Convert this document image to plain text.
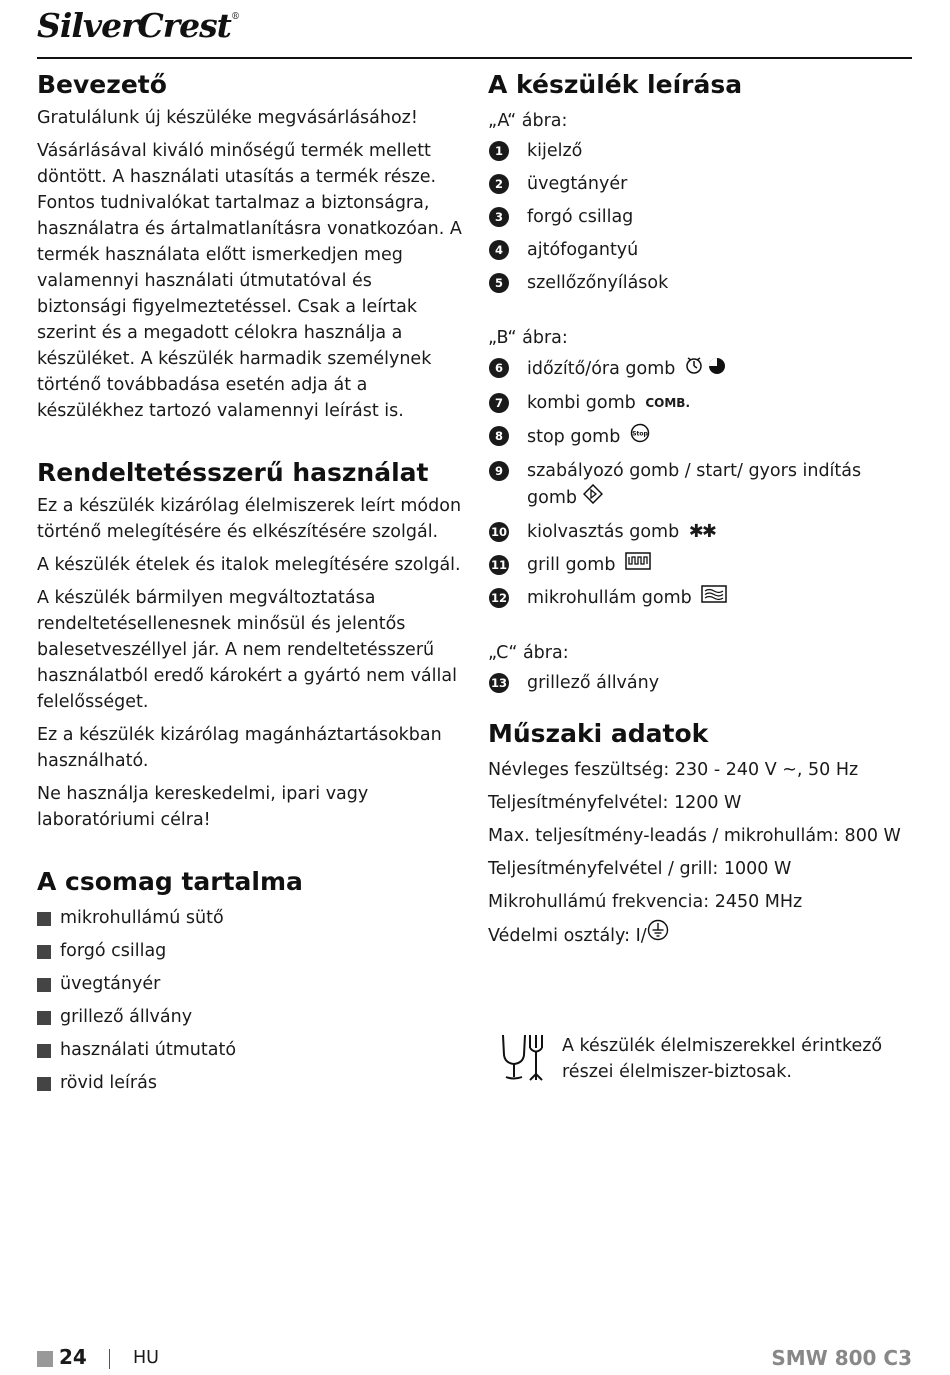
SilverCrest®
Bevezető

Gratulálunk új készüléke megvásárlásához!

Vásárlásával kiváló minőségű termék mellett döntött. A használati utasítás a termék része. Fontos tudnivalókat tartalmaz a biztonságra, használatra és ártalmatlanításra vonatkozóan. A termék használata előtt ismerkedjen meg valamennyi használati útmutatóval és biztonsági figyelmeztetéssel. Csak a leírtak szerint és a megadott célokra használja a készüléket. A készülék harmadik személynek történő továbbadása esetén adja át a készülékhez tartozó valamennyi leírást is.

Rendeltetésszerű használat

Ez a készülék kizárólag élelmiszerek leírt módon történő melegítésére és elkészítésére szolgál.

A készülék ételek és italok melegítésére szolgál.

A készülék bármilyen megváltoztatása rendeltetésellenesnek minősül és jelentős balesetveszéllyel jár. A nem rendeltetésszerű használatból eredő károkért a gyártó nem vállal felelősséget.

Ez a készülék kizárólag magánháztartásokban használható.

Ne használja kereskedelmi, ipari vagy laboratóriumi célra!

A csomag tartalma
mikrohullámú sütő
forgó csillag
üvegtányér
grillező állvány
használati útmutató
rövid leírás
A készülék leírása

„A“ ábra:

1	kijelző
2	üvegtányér
3	forgó csillag
4	ajtófogantyú
5	szellőzőnyílások

„B“ ábra:

6	időzítő/óra gomb
7	kombi gomb COMB.
8	stop gomb Stop
9	szabályozó gomb / start/ gyors indítás gomb
10 kiolvasztás gomb ✱✱
11 grill gomb
12 mikrohullám gomb

„C“ ábra:

13 grillező állvány
Műszaki adatok

Névleges feszültség: 230 - 240 V ~, 50 Hz

Teljesítményfelvétel: 1200 W

Max. teljesítmény-leadás / mikrohullám: 800 W

Teljesítményfelvétel / grill: 1000 W

Mikrohullámú frekvencia: 2450 MHz

Védelmi osztály: I/

A készülék élelmiszerekkel érintkező részei élelmiszer-biztosak.
24	HU	SMW 800 C3
